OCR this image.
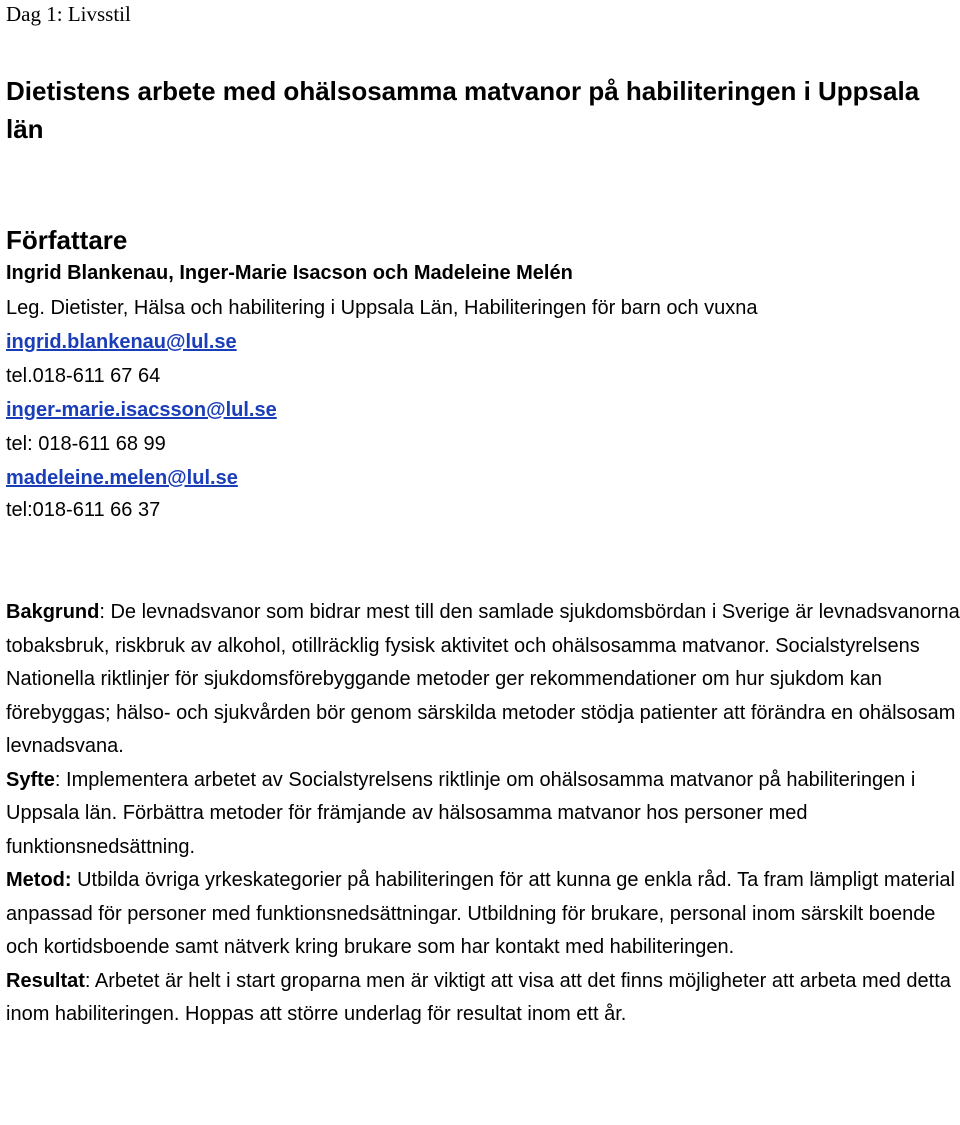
Dag 1: Livsstil
Dietistens arbete med ohälsosamma matvanor på habiliteringen i Uppsala län
Författare
Ingrid Blankenau, Inger-Marie Isacson och Madeleine Melén
Leg. Dietister, Hälsa och habilitering i Uppsala Län, Habiliteringen för barn och vuxna
ingrid.blankenau@lul.se
tel.018-611 67 64
inger-marie.isacsson@lul.se
tel: 018-611 68 99
madeleine.melen@lul.se
tel:018-611 66 37

Bakgrund: De levnadsvanor som bidrar mest till den samlade sjukdomsbördan i Sverige är levnadsvanorna tobaksbruk, riskbruk av alkohol, otillräcklig fysisk aktivitet och ohälsosamma matvanor. Socialstyrelsens Nationella riktlinjer för sjukdomsförebyggande metoder ger rekommendationer om hur sjukdom kan förebyggas; hälso- och sjukvården bör genom särskilda metoder stödja patienter att förändra en ohälsosam levnadsvana.

Syfte: Implementera arbetet av Socialstyrelsens riktlinje om ohälsosamma matvanor på habiliteringen i Uppsala län. Förbättra metoder för främjande av hälsosamma matvanor hos personer med funktionsnedsättning.

Metod: Utbilda övriga yrkeskategorier på habiliteringen för att kunna ge enkla råd. Ta fram lämpligt material anpassad för personer med funktionsnedsättningar. Utbildning för brukare, personal inom särskilt boende och kortidsboende samt nätverk kring brukare som har kontakt med habiliteringen.

Resultat: Arbetet är helt i start groparna men är viktigt att visa att det finns möjligheter att arbeta med detta inom habiliteringen. Hoppas att större underlag för resultat inom ett år.
